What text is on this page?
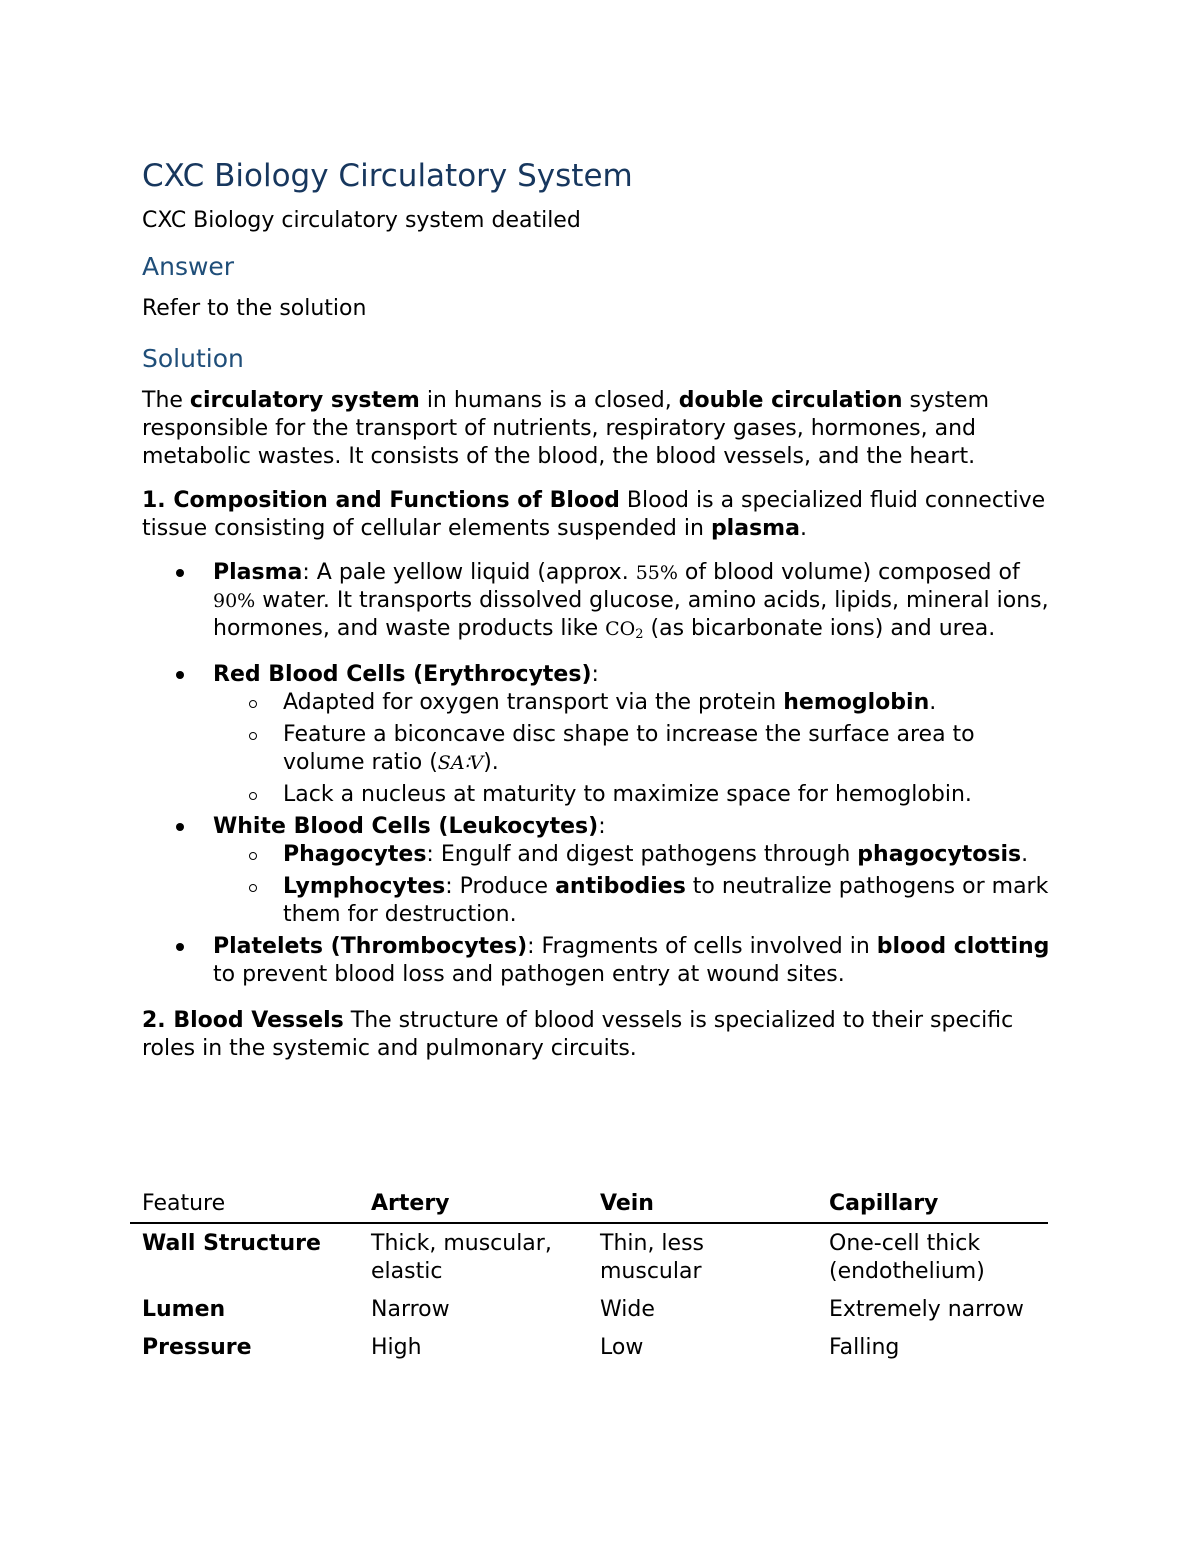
CXC Biology Circulatory System

CXC Biology circulatory system deatiled

Answer

Refer to the solution

Solution

The circulatory system in humans is a closed, double circulation system responsible for the transport of nutrients, respiratory gases, hormones, and metabolic wastes. It consists of the blood, the blood vessels, and the heart.

1. Composition and Functions of Blood Blood is a specialized fluid connective tissue consisting of cellular elements suspended in plasma.

Plasma: A pale yellow liquid (approx. 55% of blood volume) composed of 90% water. It transports dissolved glucose, amino acids, lipids, mineral ions, hormones, and waste products like $CO_2$ (as bicarbonate ions) and urea.
Red Blood Cells (Erythrocytes):
Adapted for oxygen transport via the protein hemoglobin.
Feature a biconcave disc shape to increase the surface area to volume ratio (SA∶V).
Lack a nucleus at maturity to maximize space for hemoglobin.
White Blood Cells (Leukocytes):
Phagocytes: Engulf and digest pathogens through phagocytosis.
Lymphocytes: Produce antibodies to neutralize pathogens or mark them for destruction.
Platelets (Thrombocytes): Fragments of cells involved in blood clotting to prevent blood loss and pathogen entry at wound sites.

2. Blood Vessels The structure of blood vessels is specialized to their specific roles in the systemic and pulmonary circuits.

Feature	Artery	Vein	Capillary
Wall Structure	Thick, muscular, elastic	Thin, less muscular	One-cell thick (endothelium)
Lumen	Narrow	Wide	Extremely narrow
Pressure	High	Low	Falling
